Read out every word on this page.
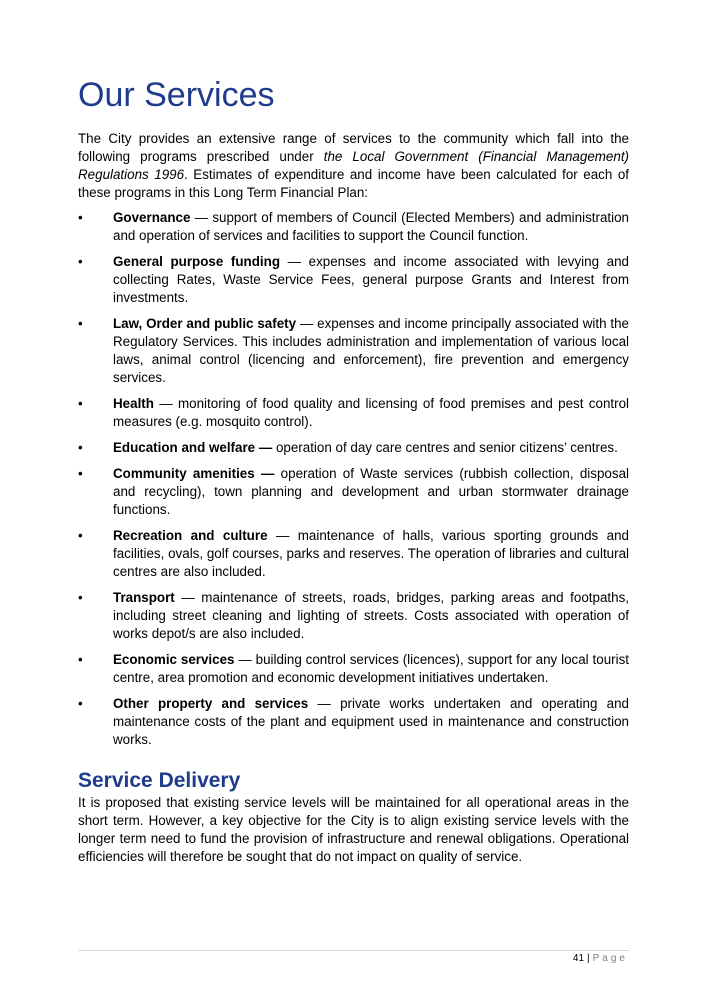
Our Services

The City provides an extensive range of services to the community which fall into the following programs prescribed under the Local Government (Financial Management) Regulations 1996. Estimates of expenditure and income have been calculated for each of these programs in this Long Term Financial Plan:

•	Governance — support of members of Council (Elected Members) and administration and operation of services and facilities to support the Council function.
•	General purpose funding — expenses and income associated with levying and collecting Rates, Waste Service Fees, general purpose Grants and Interest from investments.
•	Law, Order and public safety — expenses and income principally associated with the Regulatory Services. This includes administration and implementation of various local laws, animal control (licencing and enforcement), fire prevention and emergency services.
•	Health — monitoring of food quality and licensing of food premises and pest control measures (e.g. mosquito control).
•	Education and welfare — operation of day care centres and senior citizens’ centres.
•	Community amenities — operation of Waste services (rubbish collection, disposal and recycling), town planning and development and urban stormwater drainage functions.
•	Recreation and culture — maintenance of halls, various sporting grounds and facilities, ovals, golf courses, parks and reserves. The operation of libraries and cultural centres are also included.
•	Transport — maintenance of streets, roads, bridges, parking areas and footpaths, including street cleaning and lighting of streets. Costs associated with operation of works depot/s are also included.
•	Economic services — building control services (licences), support for any local tourist centre, area promotion and economic development initiatives undertaken.
•	Other property and services — private works undertaken and operating and maintenance costs of the plant and equipment used in maintenance and construction works.
Service Delivery

It is proposed that existing service levels will be maintained for all operational areas in the short term. However, a key objective for the City is to align existing service levels with the longer term need to fund the provision of infrastructure and renewal obligations. Operational efficiencies will therefore be sought that do not impact on quality of service.

41 | Page
